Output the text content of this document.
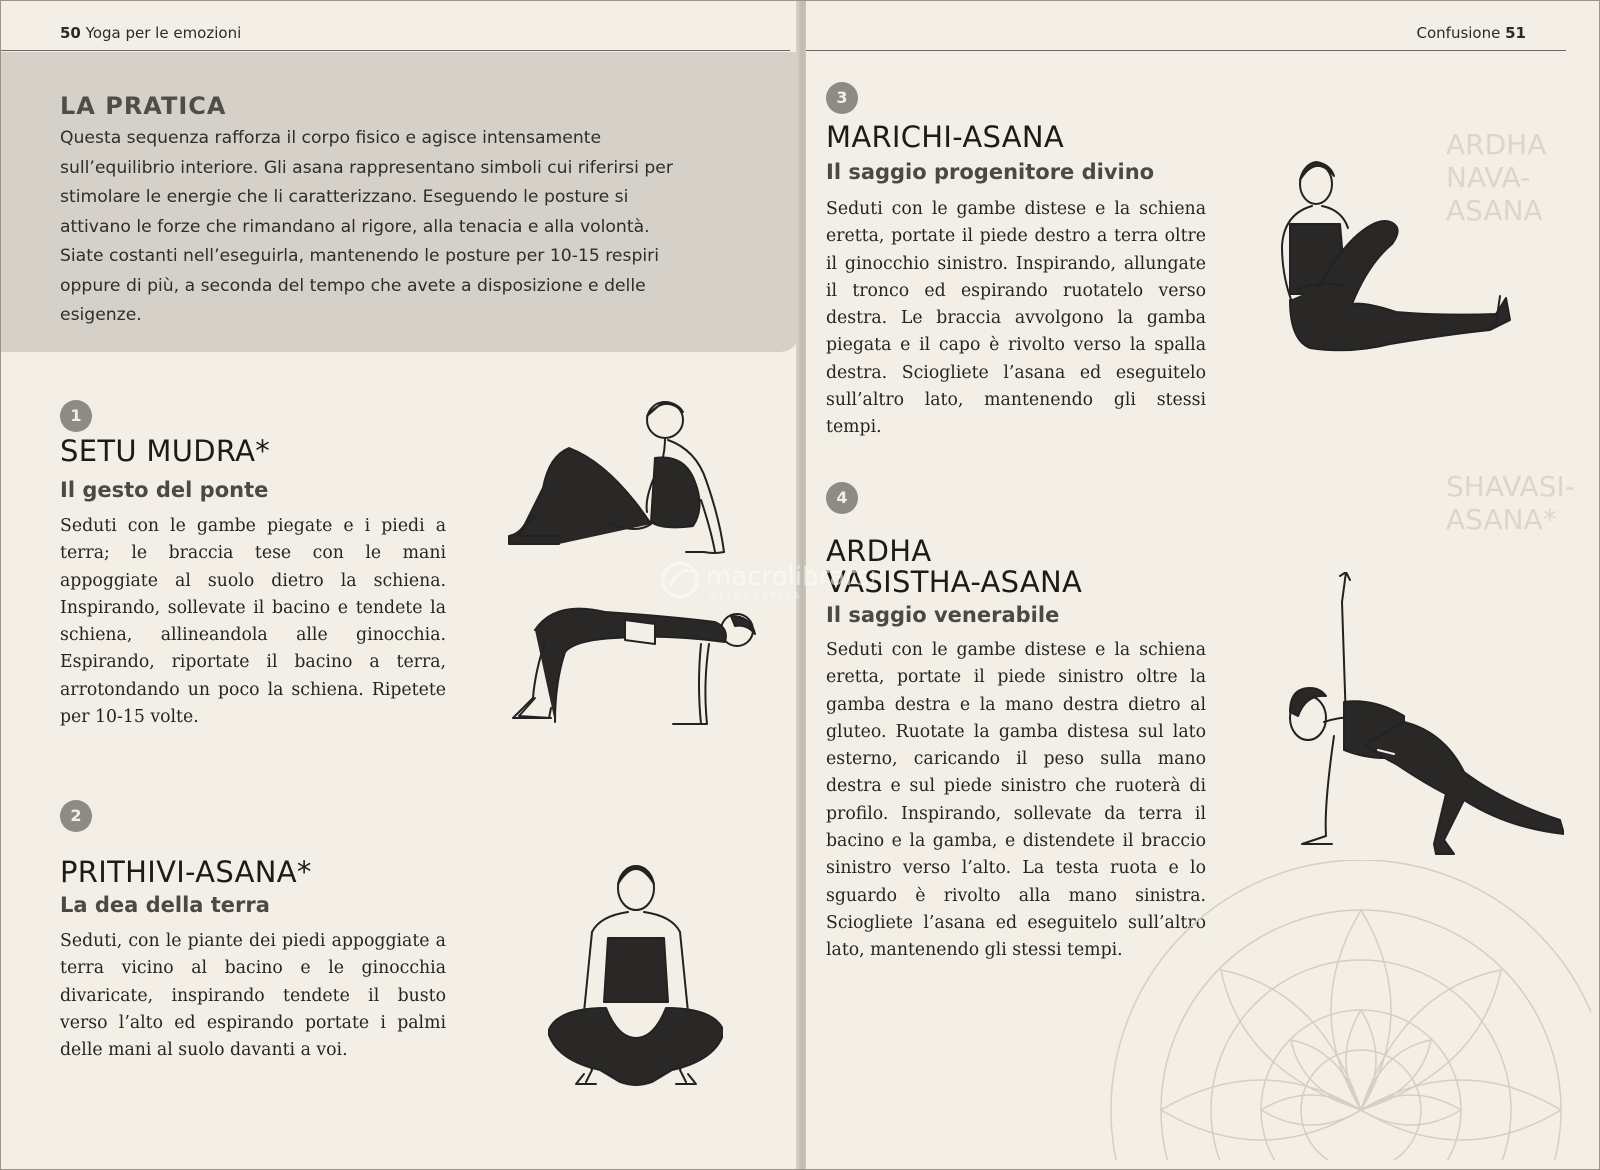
50 Yoga per le emozioni
LA PRATICA

Questa sequenza rafforza il corpo fisico e agisce intensamente sull’equilibrio interiore. Gli asana rappresentano simboli cui riferirsi per stimolare le energie che li caratterizzano. Eseguendo le posture si attivano le forze che rimandano al rigore, alla tenacia e alla volontà.

Siate costanti nell’eseguirla, mantenendo le posture per 10-15 respiri oppure di più, a seconda del tempo che avete a disposizione e delle esigenze.

1
SETU MUDRA*
Il gesto del ponte
Seduti con le gambe piegate e i piedi a terra; le braccia tese con le mani appoggiate al suolo dietro la schiena. Inspirando, sollevate il bacino e tendete la schiena, allineandola alle ginocchia. Espirando, riportate il bacino a terra, arrotondando un poco la schiena. Ripetete per 10-15 volte.
2
PRITHIVI-ASANA*
La dea della terra
Seduti, con le piante dei piedi appoggiate a terra vicino al bacino e le ginocchia divaricate, inspirando tendete il busto verso l’alto ed espirando portate i palmi delle mani al suolo davanti a voi.
ARDHA NAVA-ASANA
SHAVASI-ASANA*
Confusione 51
3
MARICHI-ASANA
Il saggio progenitore divino
Seduti con le gambe distese e la schiena eretta, portate il piede destro a terra oltre il ginocchio sinistro. Inspirando, allungate il tronco ed espirando ruotatelo verso destra. Le braccia avvolgono la gamba piegata e il capo è rivolto verso la spalla destra. Sciogliete l’asana ed eseguitelo sull’altro lato, mantenendo gli stessi tempi.
4
ARDHA
VASISTHA-ASANA
Il saggio venerabile
Seduti con le gambe distese e la schiena eretta, portate il piede sinistro oltre la gamba destra e la mano destra dietro al gluteo. Ruotate la gamba distesa sul lato esterno, caricando il peso sulla mano destra e sul piede sinistro che ruoterà di profilo. Inspirando, sollevate da terra il bacino e la gamba, e distendete il braccio sinistro verso l’alto. La testa ruota e lo sguardo è rivolto alla mano sinistra. Sciogliete l’asana ed eseguitelo sull’altro lato, mantenendo gli stessi tempi.
macrolibrarsi
ALTERNATIVA
